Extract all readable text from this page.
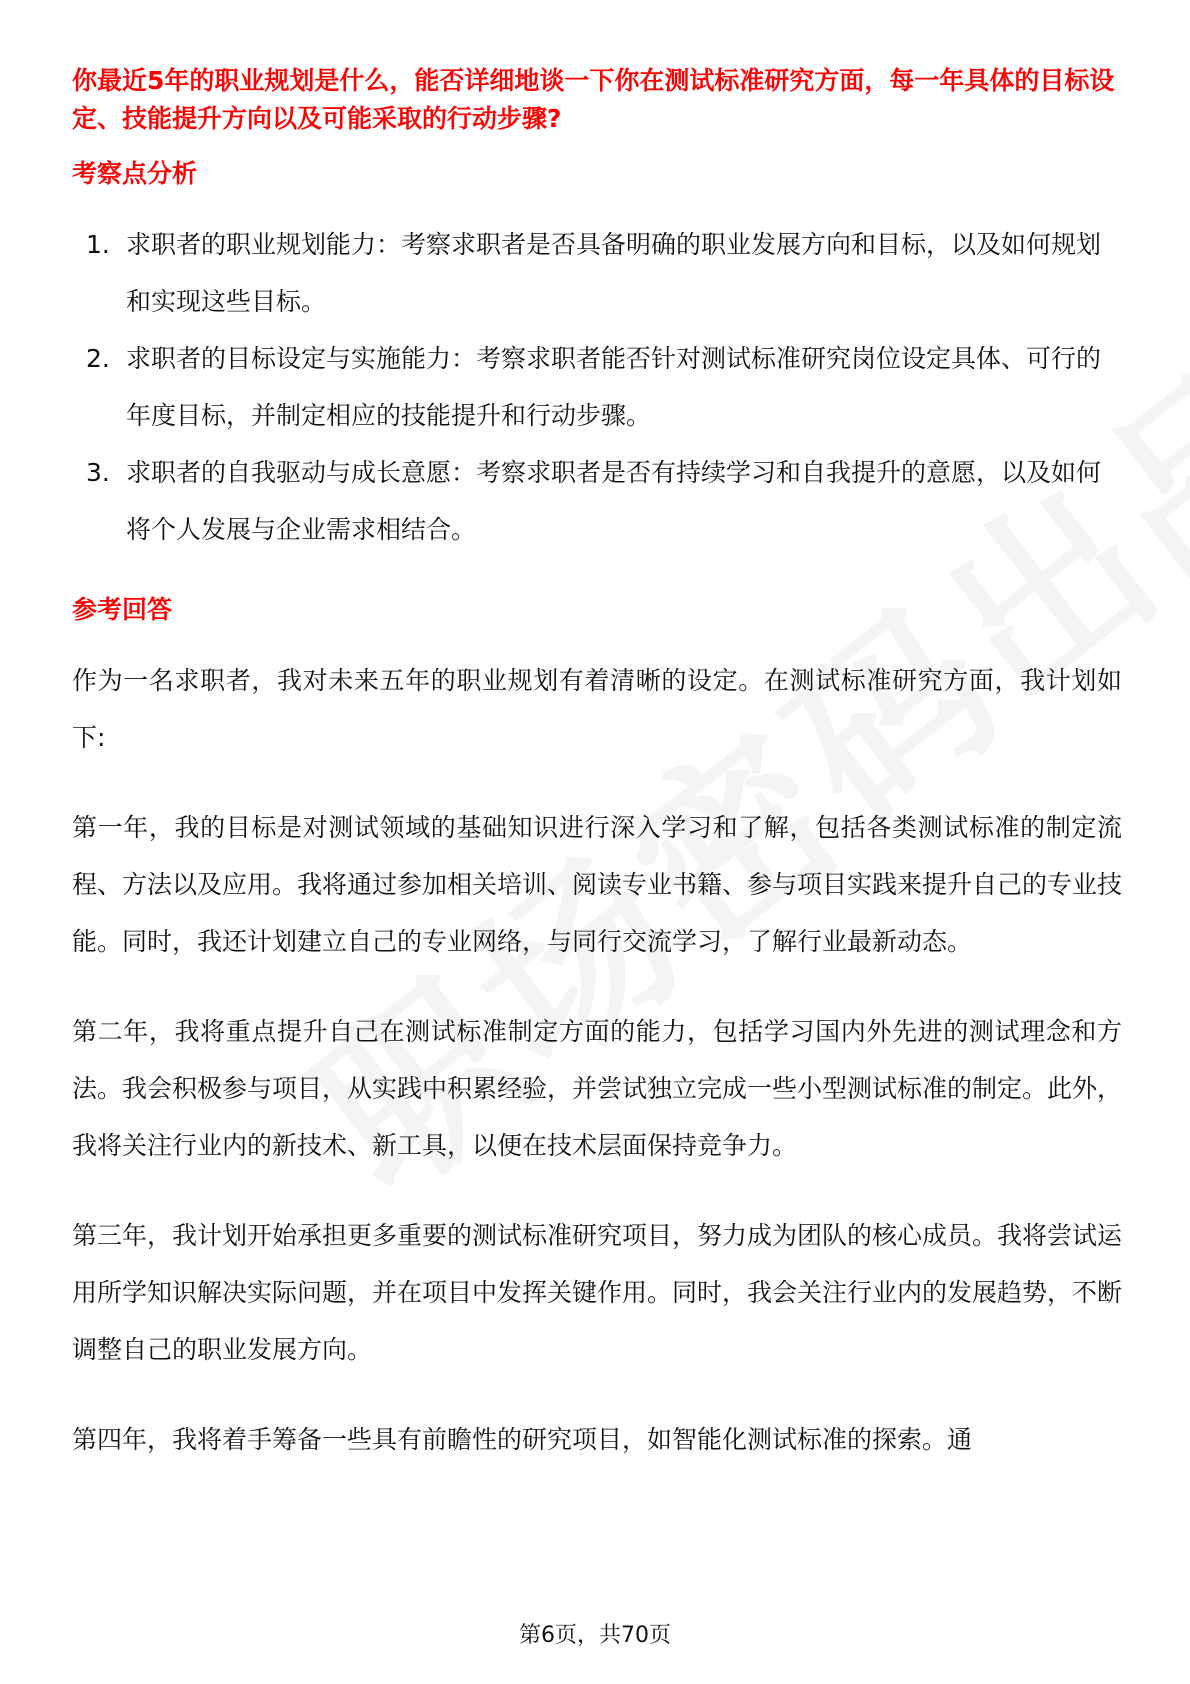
你最近5年的职业规划是什么，能否详细地谈一下你在测试标准研究方面，每一年具体的目标设定、技能提升方向以及可能采取的行动步骤?
考察点分析
1. 求职者的职业规划能力：考察求职者是否具备明确的职业发展方向和目标，以及如何规划和实现这些目标。
2. 求职者的目标设定与实施能力：考察求职者能否针对测试标准研究岗位设定具体、可行的年度目标，并制定相应的技能提升和行动步骤。
3. 求职者的自我驱动与成长意愿：考察求职者是否有持续学习和自我提升的意愿，以及如何将个人发展与企业需求相结合。
参考回答
作为一名求职者，我对未来五年的职业规划有着清晰的设定。在测试标准研究方面，我计划如下:
第一年，我的目标是对测试领域的基础知识进行深入学习和了解，包括各类测试标准的制定流程、方法以及应用。我将通过参加相关培训、阅读专业书籍、参与项目实践来提升自己的专业技能。同时，我还计划建立自己的专业网络，与同行交流学习，了解行业最新动态。
第二年，我将重点提升自己在测试标准制定方面的能力，包括学习国内外先进的测试理念和方法。我会积极参与项目，从实践中积累经验，并尝试独立完成一些小型测试标准的制定。此外，我将关注行业内的新技术、新工具，以便在技术层面保持竞争力。
第三年，我计划开始承担更多重要的测试标准研究项目，努力成为团队的核心成员。我将尝试运用所学知识解决实际问题，并在项目中发挥关键作用。同时，我会关注行业内的发展趋势，不断调整自己的职业发展方向。
第四年，我将着手筹备一些具有前瞻性的研究项目，如智能化测试标准的探索。通
第6页，共70页
